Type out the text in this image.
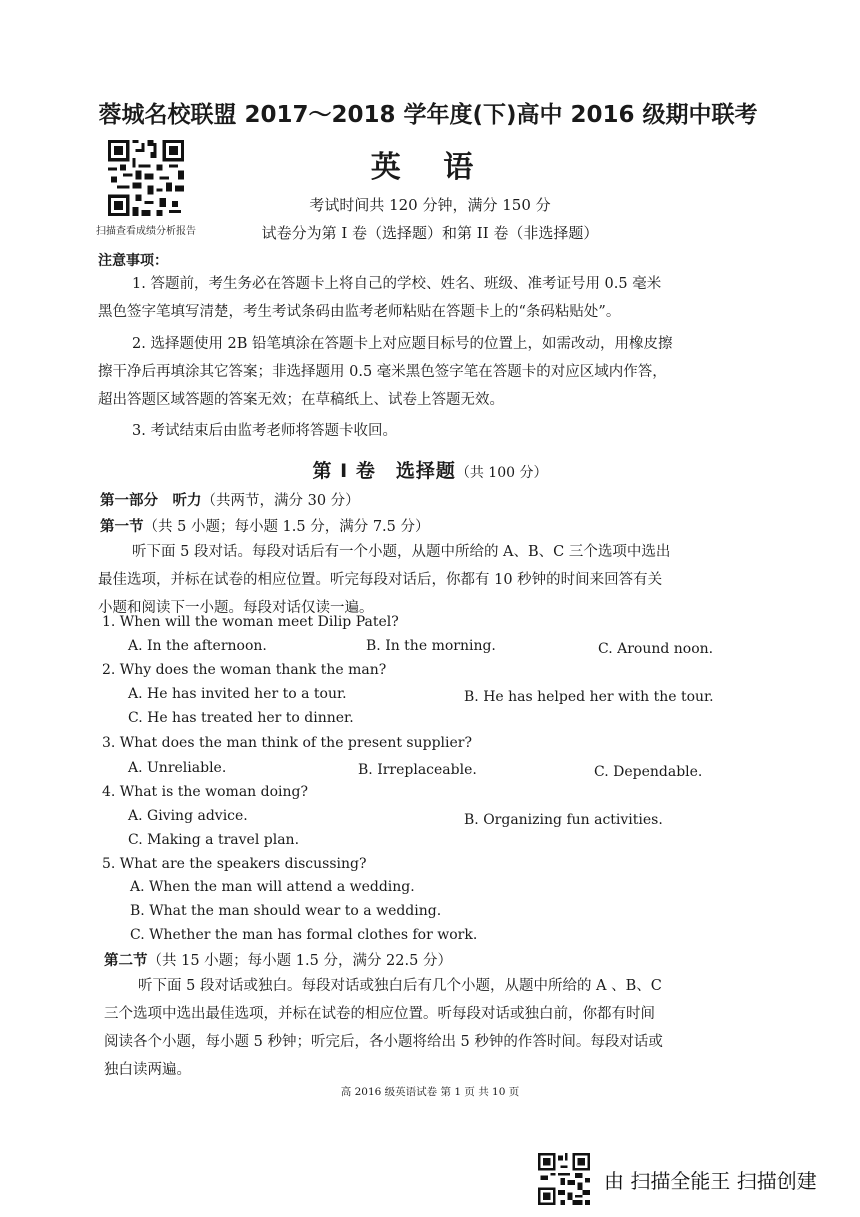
蓉城名校联盟 2017～2018 学年度(下)高中 2016 级期中联考
英 语
扫描查看成绩分析报告
考试时间共 120 分钟，满分 150 分
试卷分为第 I 卷（选择题）和第 II 卷（非选择题）
注意事项：
1. 答题前，考生务必在答题卡上将自己的学校、姓名、班级、准考证号用 0.5 毫米
黑色签字笔填写清楚，考生考试条码由监考老师粘贴在答题卡上的“条码粘贴处”。
2. 选择题使用 2B 铅笔填涂在答题卡上对应题目标号的位置上，如需改动，用橡皮擦
擦干净后再填涂其它答案；非选择题用 0.5 毫米黑色签字笔在答题卡的对应区域内作答，
超出答题区域答题的答案无效；在草稿纸上、试卷上答题无效。
3. 考试结束后由监考老师将答题卡收回。
第 I 卷　选择题（共 100 分）
第一部分　听力（共两节，满分 30 分）
第一节（共 5 小题；每小题 1.5 分，满分 7.5 分）
听下面 5 段对话。每段对话后有一个小题，从题中所给的 A、B、C 三个选项中选出
最佳选项，并标在试卷的相应位置。听完每段对话后，你都有 10 秒钟的时间来回答有关
小题和阅读下一小题。每段对话仅读一遍。
1. When will the woman meet Dilip Patel?
A. In the afternoon.	B. In the morning.	C. Around noon.
2. Why does the woman thank the man?
A. He has invited her to a tour.	B. He has helped her with the tour.
C. He has treated her to dinner.
3. What does the man think of the present supplier?
A. Unreliable.	B. Irreplaceable.	C. Dependable.
4. What is the woman doing?
A. Giving advice.	B. Organizing fun activities.
C. Making a travel plan.
5. What are the speakers discussing?
A. When the man will attend a wedding.
B. What the man should wear to a wedding.
C. Whether the man has formal clothes for work.
第二节（共 15 小题；每小题 1.5 分，满分 22.5 分）
听下面 5 段对话或独白。每段对话或独白后有几个小题，从题中所给的 A 、B、C
三个选项中选出最佳选项，并标在试卷的相应位置。听每段对话或独白前，你都有时间
阅读各个小题，每小题 5 秒钟；听完后，各小题将给出 5 秒钟的作答时间。每段对话或
独白读两遍。
高 2016 级英语试卷 第 1 页 共 10 页
由 扫描全能王 扫描创建
